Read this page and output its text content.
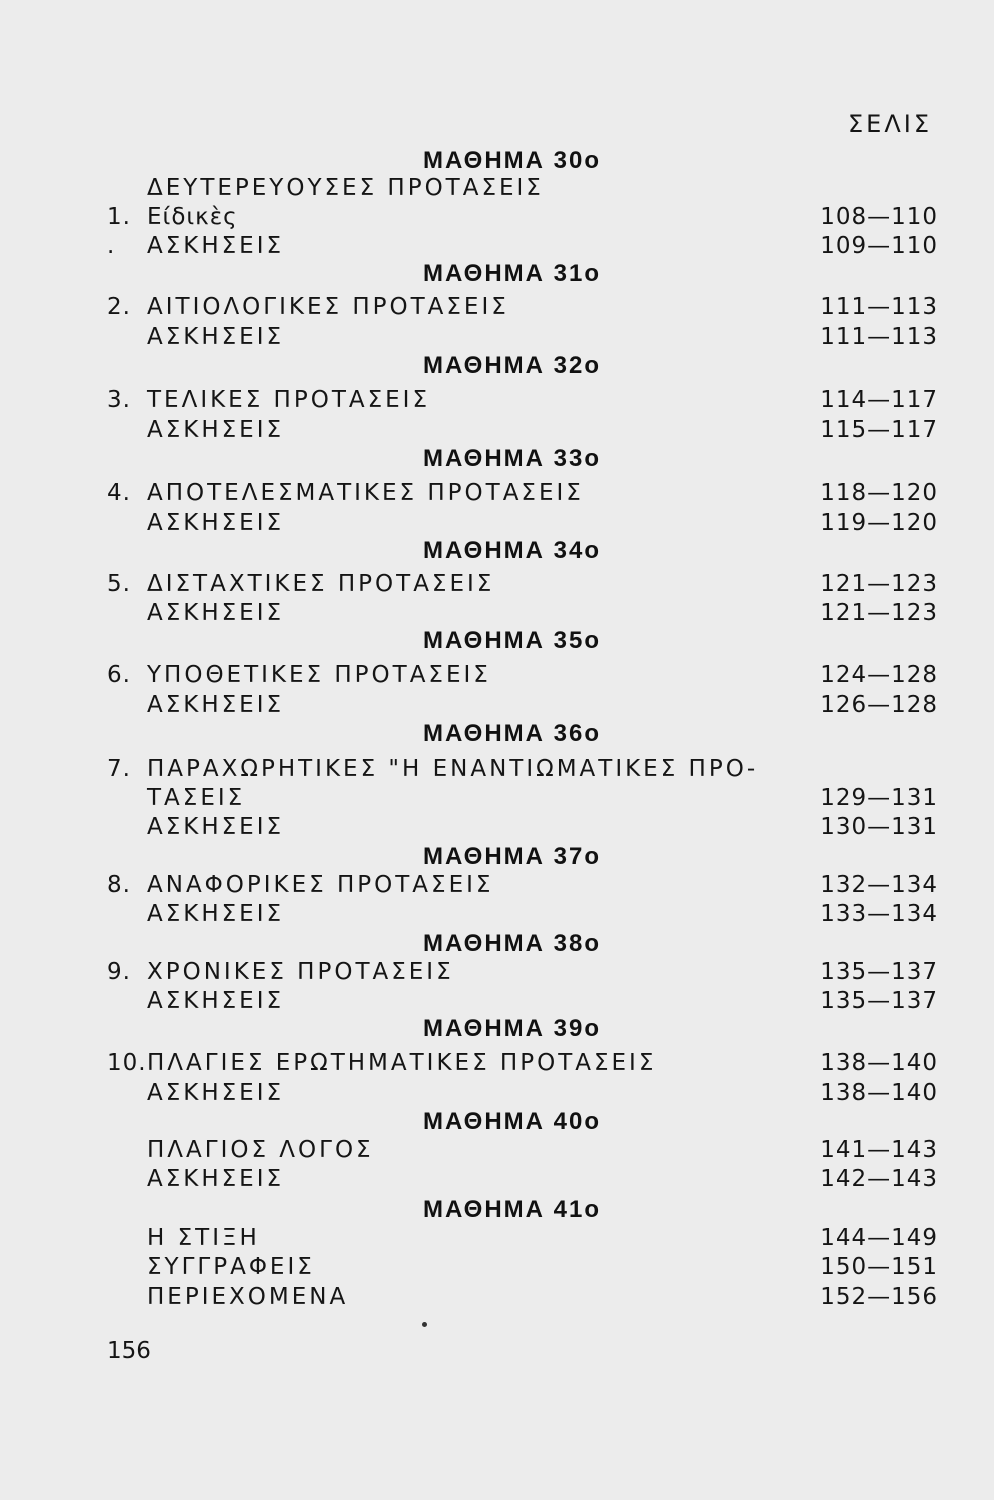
ΣΕΛΙΣ
ΜΑΘΗΜΑ 30ο
ΔΕΥΤΕΡΕΥΟΥΣΕΣ ΠΡΟΤΑΣΕΙΣ
1. Είδικὲς	108—110
. ΑΣΚΗΣΕΙΣ	109—110
ΜΑΘΗΜΑ 31ο
2. ΑΙΤΙΟΛΟΓΙΚΕΣ ΠΡΟΤΑΣΕΙΣ	111—113
ΑΣΚΗΣΕΙΣ	111—113
ΜΑΘΗΜΑ 32ο
3. ΤΕΛΙΚΕΣ ΠΡΟΤΑΣΕΙΣ	114—117
ΑΣΚΗΣΕΙΣ	115—117
ΜΑΘΗΜΑ 33ο
4. ΑΠΟΤΕΛΕΣΜΑΤΙΚΕΣ ΠΡΟΤΑΣΕΙΣ	118—120
ΑΣΚΗΣΕΙΣ	119—120
ΜΑΘΗΜΑ 34ο
5. ΔΙΣΤΑΧΤΙΚΕΣ ΠΡΟΤΑΣΕΙΣ	121—123
ΑΣΚΗΣΕΙΣ	121—123
ΜΑΘΗΜΑ 35ο
6. ΥΠΟΘΕΤΙΚΕΣ ΠΡΟΤΑΣΕΙΣ	124—128
ΑΣΚΗΣΕΙΣ	126—128
ΜΑΘΗΜΑ 36ο
7. ΠΑΡΑΧΩΡΗΤΙΚΕΣ "Η ΕΝΑΝΤΙΩΜΑΤΙΚΕΣ ΠΡΟ-
ΤΑΣΕΙΣ	129—131
ΑΣΚΗΣΕΙΣ	130—131
ΜΑΘΗΜΑ 37ο
8. ΑΝΑΦΟΡΙΚΕΣ ΠΡΟΤΑΣΕΙΣ	132—134
ΑΣΚΗΣΕΙΣ	133—134
ΜΑΘΗΜΑ 38ο
9. ΧΡΟΝΙΚΕΣ ΠΡΟΤΑΣΕΙΣ	135—137
ΑΣΚΗΣΕΙΣ	135—137
ΜΑΘΗΜΑ 39ο
10. ΠΛΑΓΙΕΣ ΕΡΩΤΗΜΑΤΙΚΕΣ ΠΡΟΤΑΣΕΙΣ	138—140
ΑΣΚΗΣΕΙΣ	138—140
ΜΑΘΗΜΑ 40ο
ΠΛΑΓΙΟΣ ΛΟΓΟΣ	141—143
ΑΣΚΗΣΕΙΣ	142—143
ΜΑΘΗΜΑ 41ο
Η ΣΤΙΞΗ	144—149
ΣΥΓΓΡΑΦΕΙΣ	150—151
ΠΕΡΙΕΧΟΜΕΝΑ	152—156
156
